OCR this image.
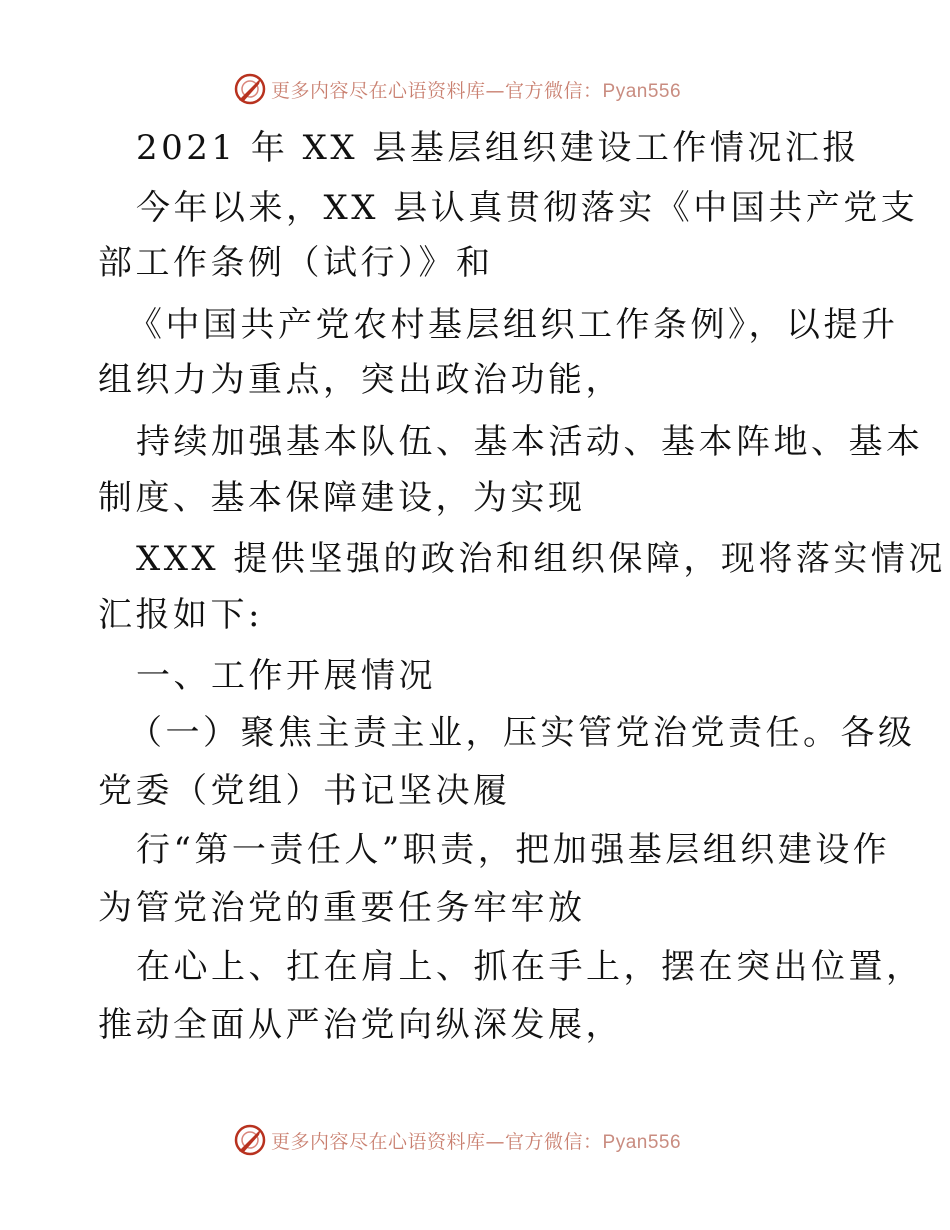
更多内容尽在心语资料库—官方微信：Pyan556
2021 年 XX 县基层组织建设工作情况汇报
今年以来，XX 县认真贯彻落实《中国共产党支
部工作条例（试行）》和
《中国共产党农村基层组织工作条例》，以提升
组织力为重点，突出政治功能，
持续加强基本队伍、基本活动、基本阵地、基本
制度、基本保障建设，为实现
XXX 提供坚强的政治和组织保障，现将落实情况
汇报如下:
一、工作开展情况
（一）聚焦主责主业，压实管党治党责任。各级
党委（党组）书记坚决履
行“第一责任人”职责，把加强基层组织建设作
为管党治党的重要任务牢牢放
在心上、扛在肩上、抓在手上，摆在突出位置，
推动全面从严治党向纵深发展，
更多内容尽在心语资料库—官方微信：Pyan556
